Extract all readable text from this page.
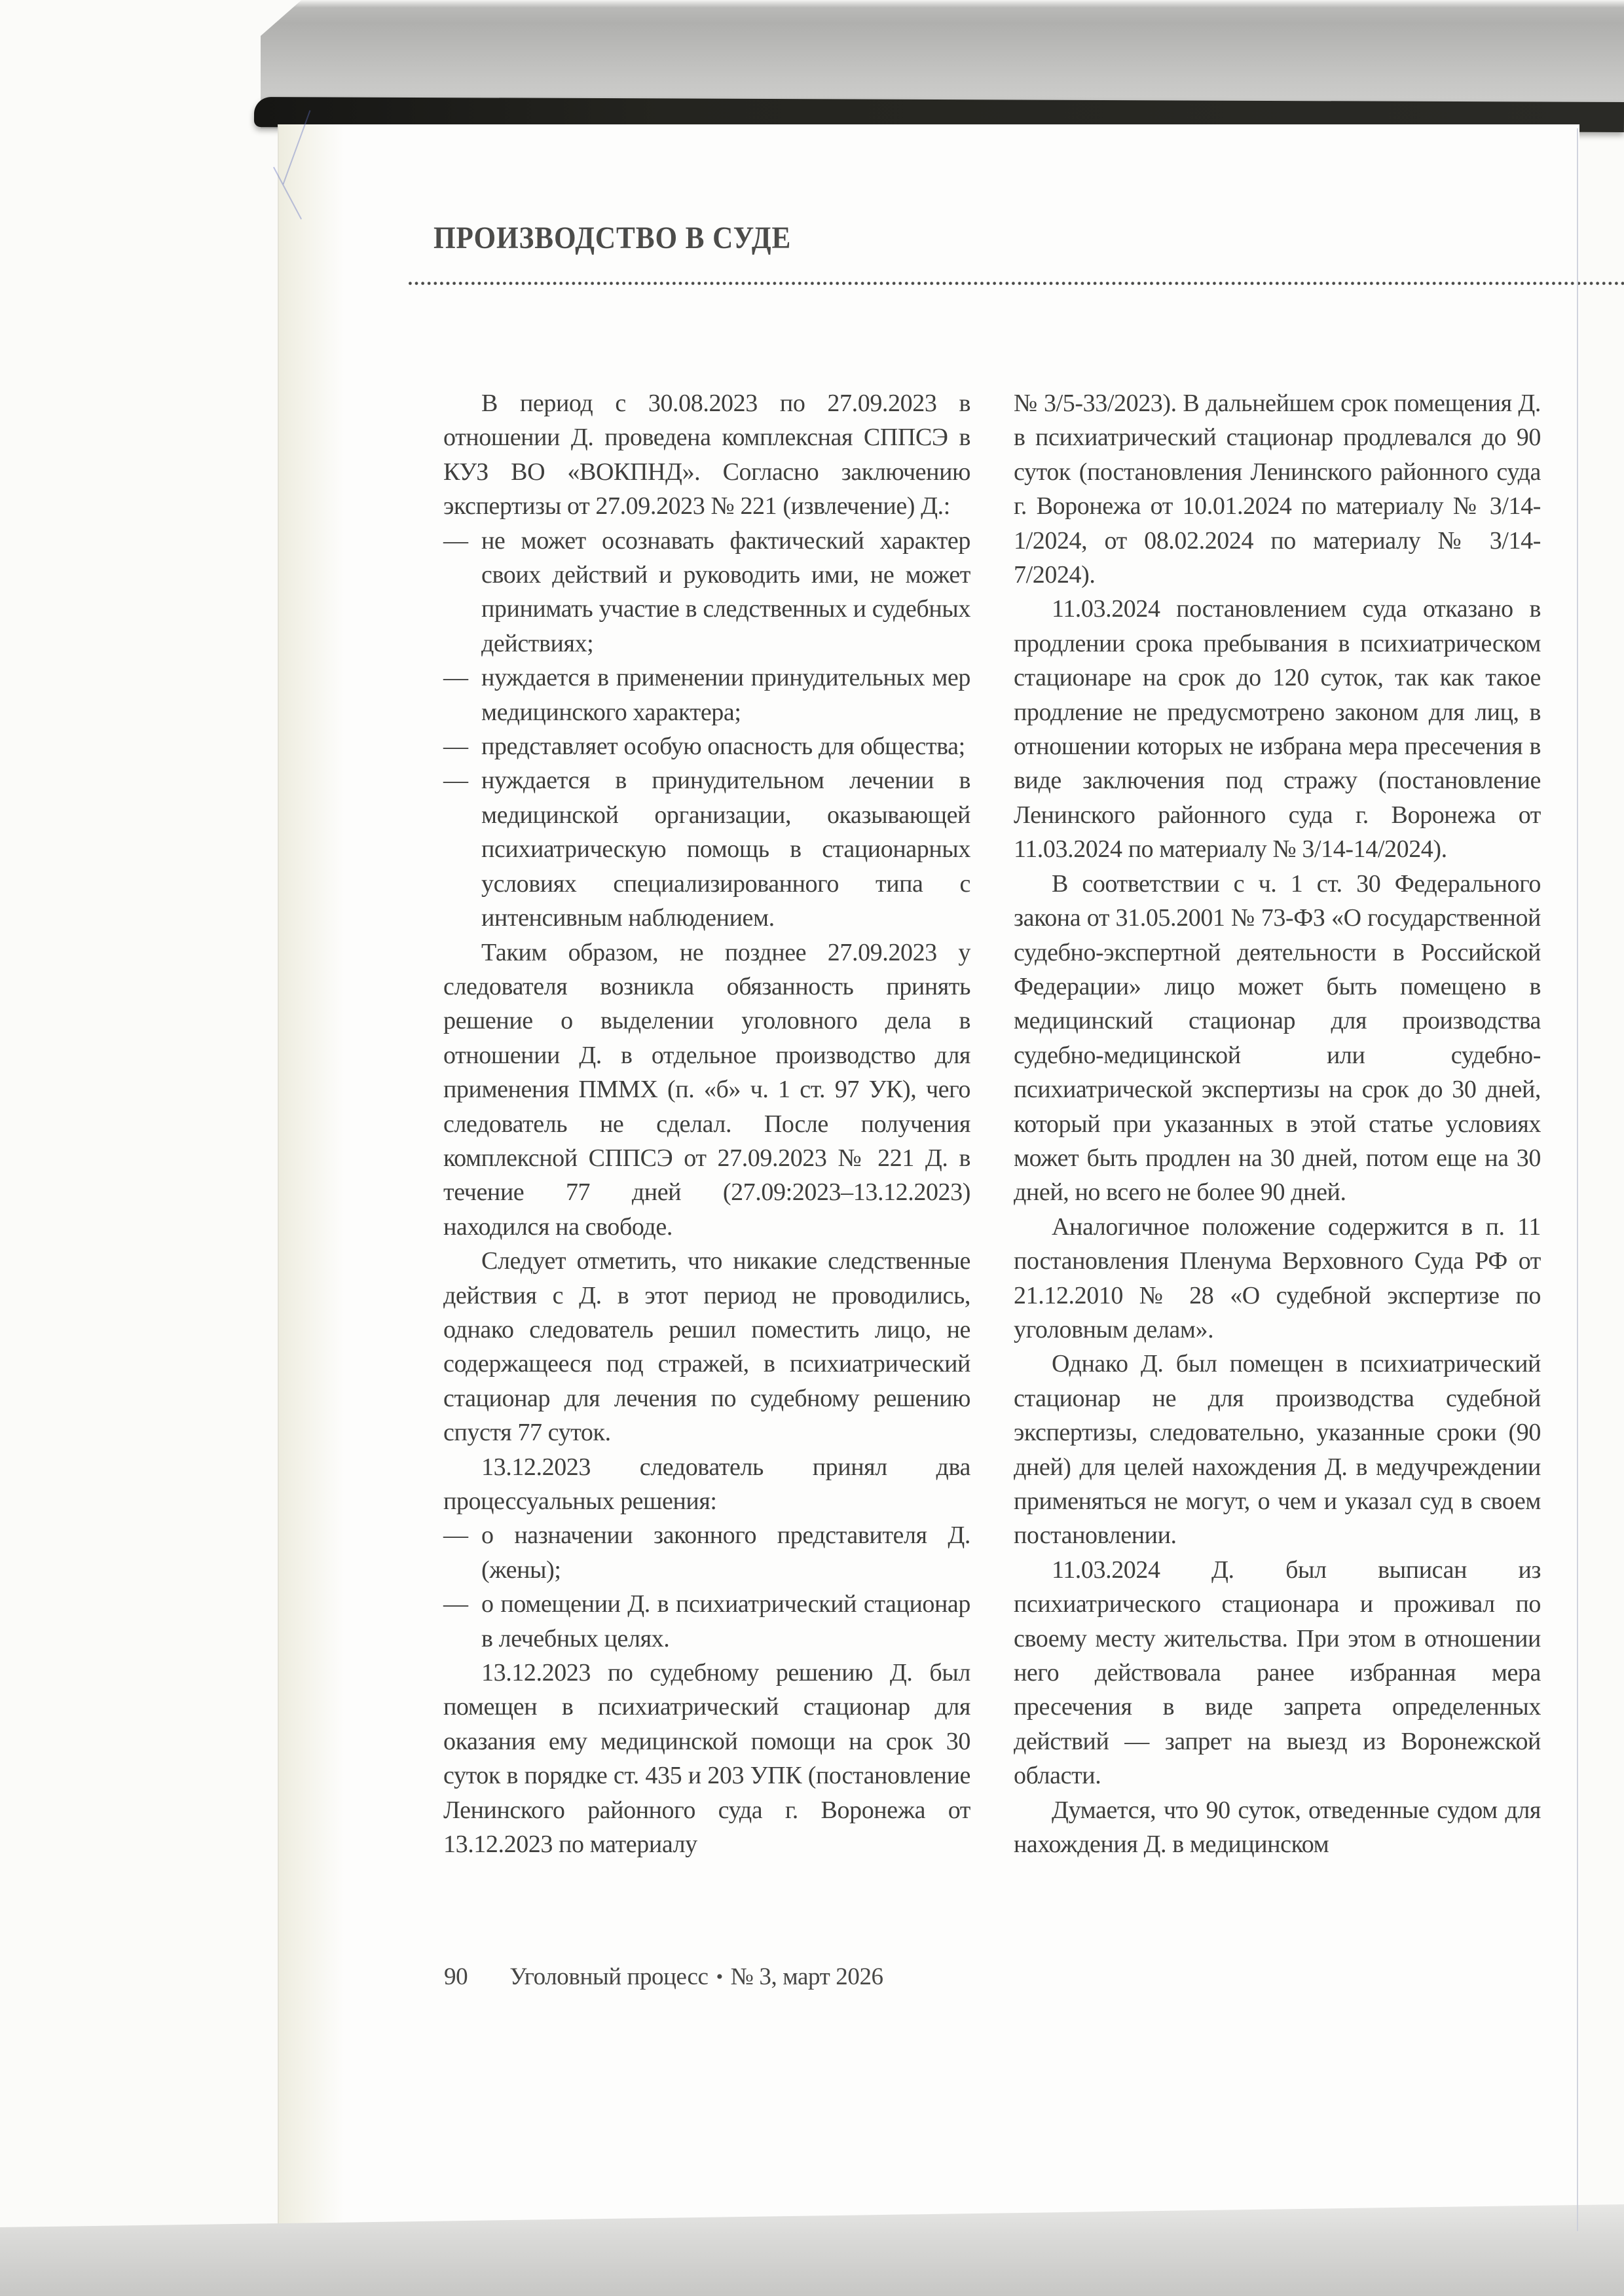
ПРОИЗВОДСТВО В СУДЕ
В период с 30.08.2023 по 27.09.2023 в отношении Д. проведена комплексная СППСЭ в КУЗ ВО «ВОКПНД». Согласно заключению экспертизы от 27.09.2023 № 221 (извлечение) Д.:
— не может осознавать фактический характер своих действий и руководить ими, не может принимать участие в следственных и судебных действиях;
— нуждается в применении принудительных мер медицинского характера;
— представляет особую опасность для общества;
— нуждается в принудительном лечении в медицинской организации, оказывающей психиатрическую помощь в стационарных условиях специализированного типа с интенсивным наблюдением.
Таким образом, не позднее 27.09.2023 у следователя возникла обязанность принять решение о выделении уголовного дела в отношении Д. в отдельное производство для применения ПММХ (п. «б» ч. 1 ст. 97 УК), чего следователь не сделал. После получения комплексной СППСЭ от 27.09.2023 № 221 Д. в течение 77 дней (27.09:2023–13.12.2023) находился на свободе.
Следует отметить, что никакие следственные действия с Д. в этот период не проводились, однако следователь решил поместить лицо, не содержащееся под стражей, в психиатрический стационар для лечения по судебному решению спустя 77 суток.
13.12.2023 следователь принял два процессуальных решения:
— о назначении законного представителя Д. (жены);
— о помещении Д. в психиатрический стационар в лечебных целях.
13.12.2023 по судебному решению Д. был помещен в психиатрический стационар для оказания ему медицинской помощи на срок 30 суток в порядке ст. 435 и 203 УПК (постановление Ленинского районного суда г. Воронежа от 13.12.2023 по материалу
№ 3/5-33/2023). В дальнейшем срок помещения Д. в психиатрический стационар продлевался до 90 суток (постановления Ленинского районного суда г. Воронежа от 10.01.2024 по материалу № 3/14-1/2024, от 08.02.2024 по материалу № 3/14-7/2024).
11.03.2024 постановлением суда отказано в продлении срока пребывания в психиатрическом стационаре на срок до 120 суток, так как такое продление не предусмотрено законом для лиц, в отношении которых не избрана мера пресечения в виде заключения под стражу (постановление Ленинского районного суда г. Воронежа от 11.03.2024 по материалу № 3/14-14/2024).
В соответствии с ч. 1 ст. 30 Федерального закона от 31.05.2001 № 73-ФЗ «О государственной судебно-экспертной деятельности в Российской Федерации» лицо может быть помещено в медицинский стационар для производства судебно-медицинской или судебно-психиатрической экспертизы на срок до 30 дней, который при указанных в этой статье условиях может быть продлен на 30 дней, потом еще на 30 дней, но всего не более 90 дней.
Аналогичное положение содержится в п. 11 постановления Пленума Верховного Суда РФ от 21.12.2010 № 28 «О судебной экспертизе по уголовным делам».
Однако Д. был помещен в психиатрический стационар не для производства судебной экспертизы, следовательно, указанные сроки (90 дней) для целей нахождения Д. в медучреждении применяться не могут, о чем и указал суд в своем постановлении.
11.03.2024 Д. был выписан из психиатрического стационара и проживал по своему месту жительства. При этом в отношении него действовала ранее избранная мера пресечения в виде запрета определенных действий — запрет на выезд из Воронежской области.
Думается, что 90 суток, отведенные судом для нахождения Д. в медицинском
90 Уголовный процесс • № 3, март 2026
